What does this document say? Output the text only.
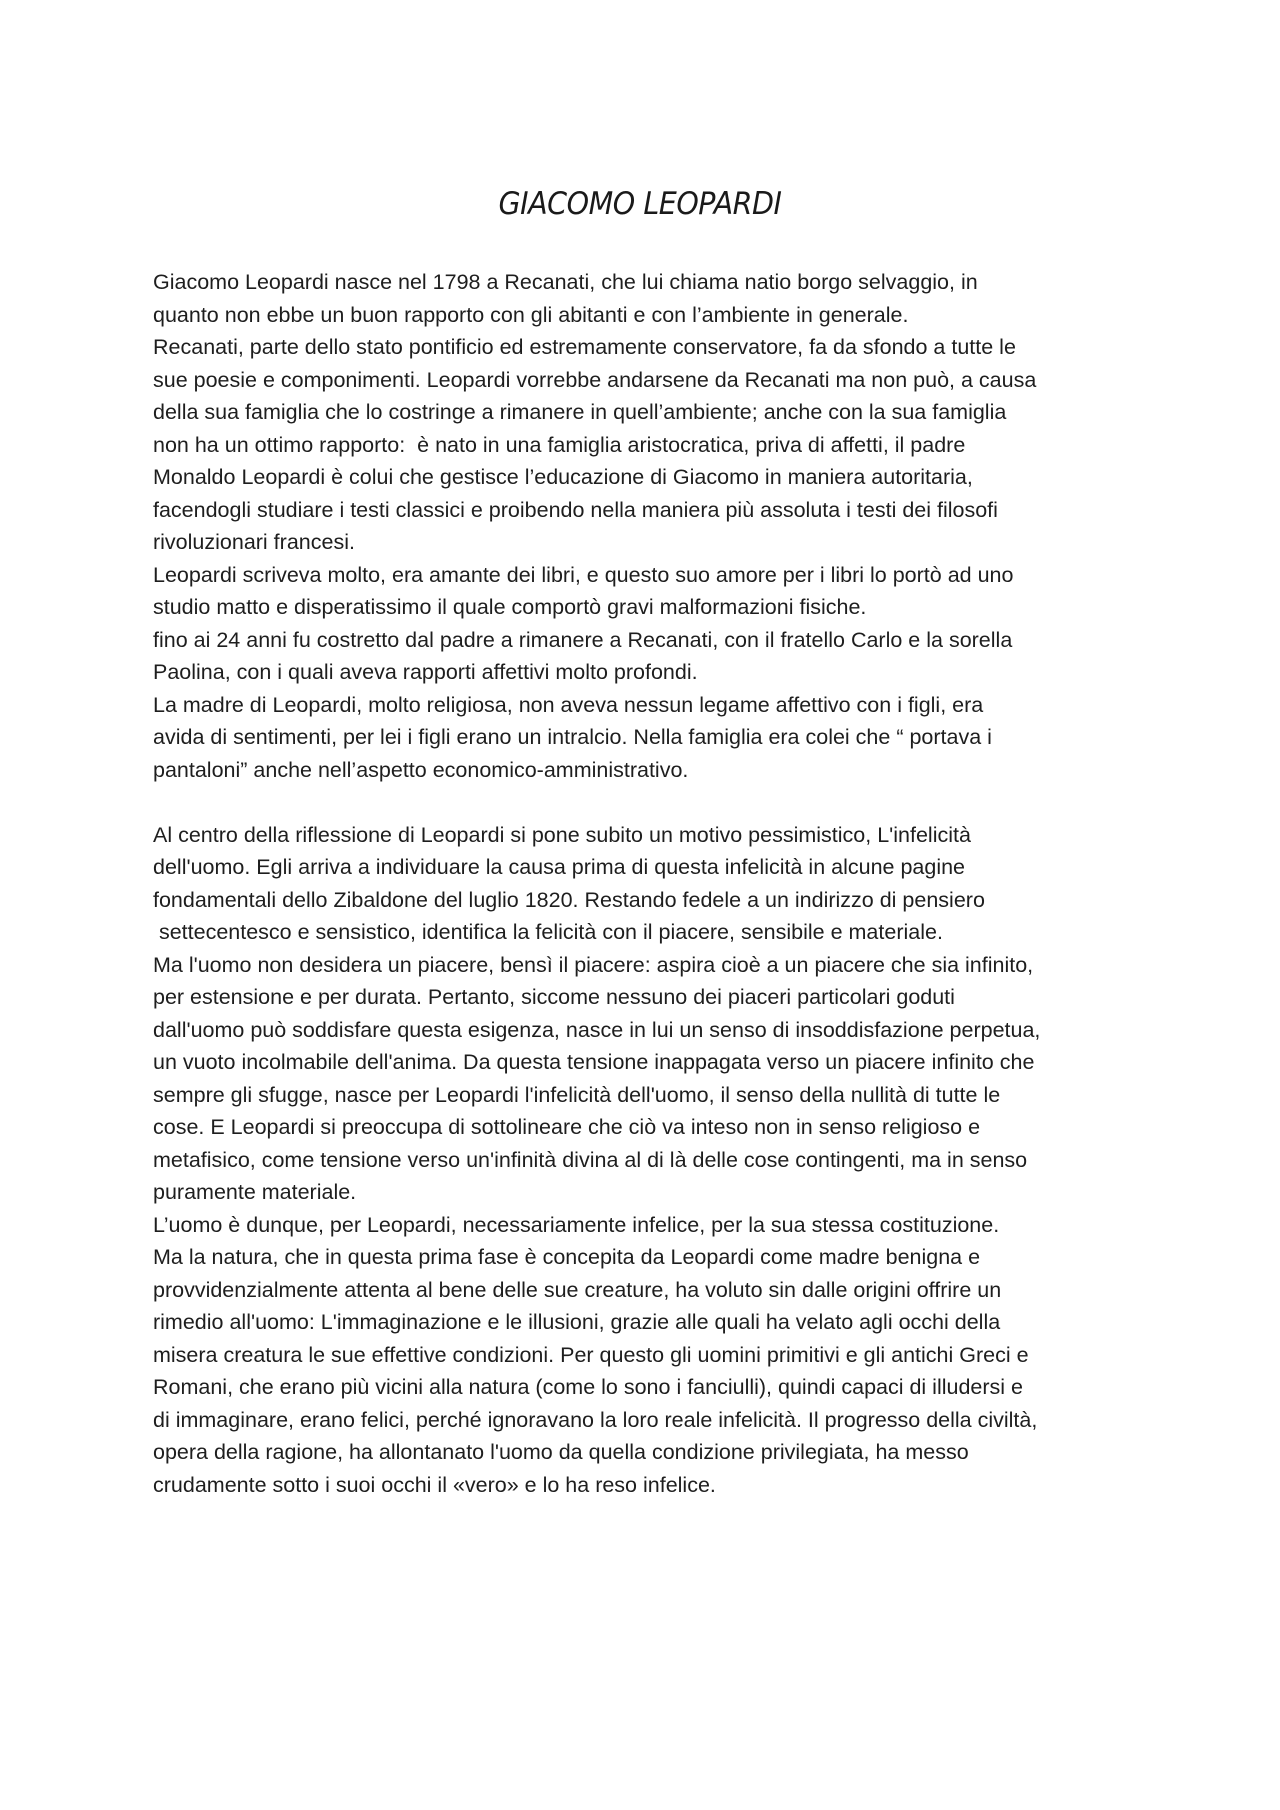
GIACOMO LEOPARDI
Giacomo Leopardi nasce nel 1798 a Recanati, che lui chiama natio borgo selvaggio, in
quanto non ebbe un buon rapporto con gli abitanti e con l’ambiente in generale.
Recanati, parte dello stato pontificio ed estremamente conservatore, fa da sfondo a tutte le
sue poesie e componimenti. Leopardi vorrebbe andarsene da Recanati ma non può, a causa
della sua famiglia che lo costringe a rimanere in quell’ambiente; anche con la sua famiglia
non ha un ottimo rapporto:  è nato in una famiglia aristocratica, priva di affetti, il padre
Monaldo Leopardi è colui che gestisce l’educazione di Giacomo in maniera autoritaria,
facendogli studiare i testi classici e proibendo nella maniera più assoluta i testi dei filosofi
rivoluzionari francesi.
Leopardi scriveva molto, era amante dei libri, e questo suo amore per i libri lo portò ad uno
studio matto e disperatissimo il quale comportò gravi malformazioni fisiche.
fino ai 24 anni fu costretto dal padre a rimanere a Recanati, con il fratello Carlo e la sorella
Paolina, con i quali aveva rapporti affettivi molto profondi.
La madre di Leopardi, molto religiosa, non aveva nessun legame affettivo con i figli, era
avida di sentimenti, per lei i figli erano un intralcio. Nella famiglia era colei che “ portava i
pantaloni” anche nell’aspetto economico-amministrativo.
Al centro della riflessione di Leopardi si pone subito un motivo pessimistico, L'infelicità
dell'uomo. Egli arriva a individuare la causa prima di questa infelicità in alcune pagine
fondamentali dello Zibaldone del luglio 1820. Restando fedele a un indirizzo di pensiero
settecentesco e sensistico, identifica la felicità con il piacere, sensibile e materiale.
Ma l'uomo non desidera un piacere, bensì il piacere: aspira cioè a un piacere che sia infinito,
per estensione e per durata. Pertanto, siccome nessuno dei piaceri particolari goduti
dall'uomo può soddisfare questa esigenza, nasce in lui un senso di insoddisfazione perpetua,
un vuoto incolmabile dell'anima. Da questa tensione inappagata verso un piacere infinito che
sempre gli sfugge, nasce per Leopardi l'infelicità dell'uomo, il senso della nullità di tutte le
cose. E Leopardi si preoccupa di sottolineare che ciò va inteso non in senso religioso e
metafisico, come tensione verso un'infinità divina al di là delle cose contingenti, ma in senso
puramente materiale.
L’uomo è dunque, per Leopardi, necessariamente infelice, per la sua stessa costituzione.
Ma la natura, che in questa prima fase è concepita da Leopardi come madre benigna e
provvidenzialmente attenta al bene delle sue creature, ha voluto sin dalle origini offrire un
rimedio all'uomo: L'immaginazione e le illusioni, grazie alle quali ha velato agli occhi della
misera creatura le sue effettive condizioni. Per questo gli uomini primitivi e gli antichi Greci e
Romani, che erano più vicini alla natura (come lo sono i fanciulli), quindi capaci di illudersi e
di immaginare, erano felici, perché ignoravano la loro reale infelicità. Il progresso della civiltà,
opera della ragione, ha allontanato l'uomo da quella condizione privilegiata, ha messo
crudamente sotto i suoi occhi il «vero» e lo ha reso infelice.
